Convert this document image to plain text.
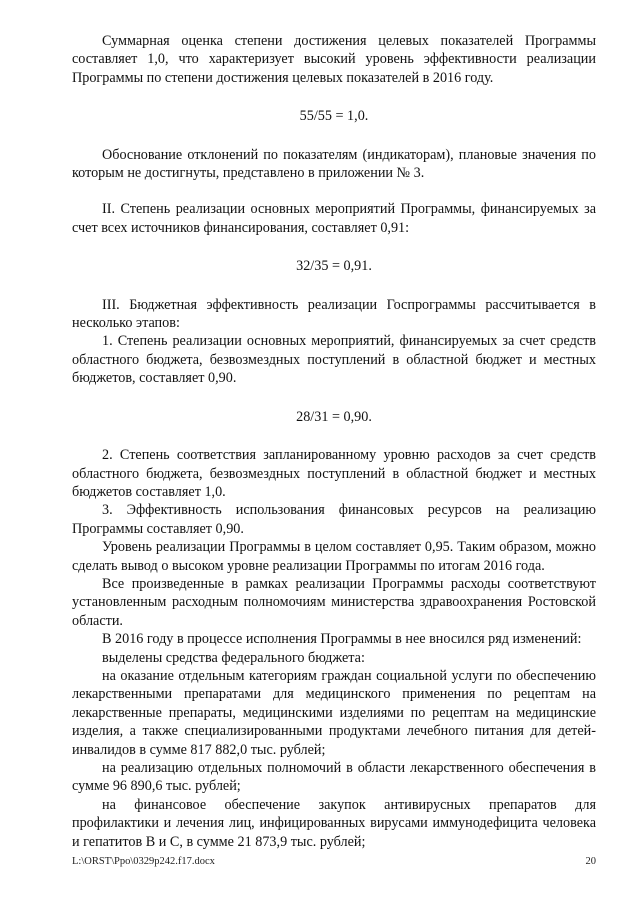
Суммарная оценка степени достижения целевых показателей Программы составляет 1,0, что характеризует высокий уровень эффективности реализации Программы по степени достижения целевых показателей в 2016 году.

55/55 = 1,0.

Обоснование отклонений по показателям (индикаторам), плановые значения по которым не достигнуты, представлено в приложении № 3.

II. Степень реализации основных мероприятий Программы, финансируемых за счет всех источников финансирования, составляет 0,91:

32/35 = 0,91.

III. Бюджетная эффективность реализации Госпрограммы рассчитывается в несколько этапов:

1. Степень реализации основных мероприятий, финансируемых за счет средств областного бюджета, безвозмездных поступлений в областной бюджет и местных бюджетов, составляет 0,90.

28/31 = 0,90.

2. Степень соответствия запланированному уровню расходов за счет средств областного бюджета, безвозмездных поступлений в областной бюджет и местных бюджетов составляет 1,0.

3. Эффективность использования финансовых ресурсов на реализацию Программы составляет 0,90.

Уровень реализации Программы в целом составляет 0,95. Таким образом, можно сделать вывод о высоком уровне реализации Программы по итогам 2016 года.

Все произведенные в рамках реализации Программы расходы соответствуют установленным расходным полномочиям министерства здравоохранения Ростовской области.

В 2016 году в процессе исполнения Программы в нее вносился ряд изменений:

выделены средства федерального бюджета:

на оказание отдельным категориям граждан социальной услуги по обеспечению лекарственными препаратами для медицинского применения по рецептам на лекарственные препараты, медицинскими изделиями по рецептам на медицинские изделия, а также специализированными продуктами лечебного питания для детей-инвалидов в сумме 817 882,0 тыс. рублей;

на реализацию отдельных полномочий в области лекарственного обеспечения в сумме 96 890,6 тыс. рублей;

на финансовое обеспечение закупок антивирусных препаратов для профилактики и лечения лиц, инфицированных вирусами иммунодефицита человека и гепатитов В и С, в сумме 21 873,9 тыс. рублей;

L:\ORST\Ppo\0329p242.f17.docx	20
